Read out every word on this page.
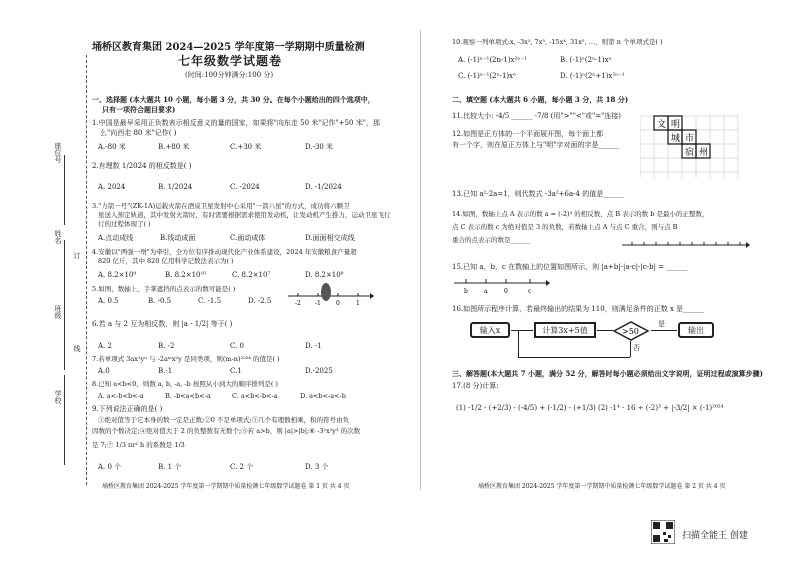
座位号
姓名
订
班级
线
学校
埇桥区教育集团 2024—2025 学年度第一学期期中质量检测
七年级数学试题卷
(时间:100分钟满分:100 分)
一、选择题 (本大题共 10 小题，每小题 3 分，共 30 分。在每个小题给出的四个选项中，
只有一项符合题目要求)
1.中国是最早采用正负数表示相反意义的量的国家，如果将"向东走 50 米"记作"+50 米"，那
么"向西走 80 米"记作( )
A.-80 米	B.+80 米	C.+30 米	D.-30 米
2.有理数 1/2024 的相反数是( )
A. 2024	B. 1/2024	C. -2024	D. -1/2024
3."力箭一号"(ZK-1A)运载火箭在酒泉卫星发射中心采用"一箭六星"的方式，成功将六颗卫
星送入预定轨道，其中发射火箭时，有时需要根据需求使用发动机，让发动机产生推力，运动卫星飞行
行的过程体现了( )
A.点动成线	B.线动成面	C.面动成体	D.面面相交成线
4.安徽以"两强一增"为牵引，全方位有序推动现代化产业体系建设，2024 年安徽粮食产量超
820 亿斤，其中 820 亿用科学记数法表示为( )
A. 8.2×10⁹	B. 8.2×10¹⁰	C. 8.2×10⁷	D. 8.2×10⁸
5.如图，数轴上，手掌遮挡的点表示的数可能是( )
A. 0.5	B. -0.5	C. -1.5	D. -2.5	-2 -1	0	1
6.若 a 与 2 互为相反数，则 |a - 1/2| 等于( )
A. 2	B. -2	C. 0	D. -1
7.若单项式 3ax²yⁿ 与 -2aᵐx²y 是同类项，则(m-n)²⁰²⁴ 的值是( )
A.0	B.-1	C.1	D.-2025
8.已知 a<b<0，则数 a, b, -a, -b 按照从小到大的顺序排列是( )
A. a<-b<b<-a	B. -b<a<b<-a	C. a<b<-b<-a	D. a<b<-a<-b
9.下列说法正确的是( )
①绝对值等于它本身的数一定是正数;②0 不是单项式;③几个有理数相乘，积的符号由负
因数的个数决定;④绝对值大于 2 的负整数有无数个;⑤若 a>b，则 |a|>|b|;⑥ -3²x²y³ 的次数
是 7;⑦ 1/3 πr² h 的系数是 1/3
A. 0 个	B. 1 个	C. 2 个	D. 3 个
埇桥区教育集团 2024-2025 学年度第一学期期中质量检测七年级数学试题卷 第 1 页 共 4 页
10.观察一列单项式:x, -3x², 7x³, -15x⁴, 31x⁵, …，则第 n 个单项式是( )
A. (-1)ⁿ⁻¹(2n-1)x²ⁿ⁻¹	B. (-1)ⁿ(2ⁿ-1)xⁿ
C. (-1)ⁿ⁻¹(2ⁿ-1)xⁿ	D. (-1)ⁿ(2ⁿ+1)x²ⁿ⁻¹
二、填空题 (本大题共 6 小题，每小题 3 分，共 18 分)
11.比较大小: -4/5 ______ -7/8 (用">""<"或"="连接)
12.如图是正方体的一个平面展开图，每个面上都
有一个字，则在原正方体上与"明"字对面的字是______
文 明
城 市
宿 州
13.已知 a²-2a=1，则代数式 -3a²+6a-4 的值是______
14.如图，数轴上点 A 表示的数 a = (-2)³ 的相反数，点 B 表示的数 b 是最小的正整数，
点 C 表示的数 c 为绝对值是 3 的负数，若数轴上点 A 与点 C 重合，则与点 B
重合的点表示的数是______
15.已知 a，b，c 在数轴上的位置如图所示，则 |a+b|-|a-c|-|c-b| = ______
b	a	0	c
16.如图所示程序计算，若最终输出的结果为 110，则满足条件的正数 x 是______
输入x	计算3x+5值	>50
是
输出
否
三、解答题(本大题共 7 小题，满分 52 分，解答时每小题必须给出文字说明，证明过程或演算步骤)
17.(8 分)计算:
(1) -1/2 - (+2/3) - (-4/5) + (-1/2) - (+1/3) (2) -1⁴ - 16 ÷ (-2)³ + |-3/2| × (-1)²⁰²⁴
埇桥区教育集团 2024-2025 学年度第一学期期中质量检测七年级数学试题卷 第 2 页 共 4 页
扫描全能王 创建
